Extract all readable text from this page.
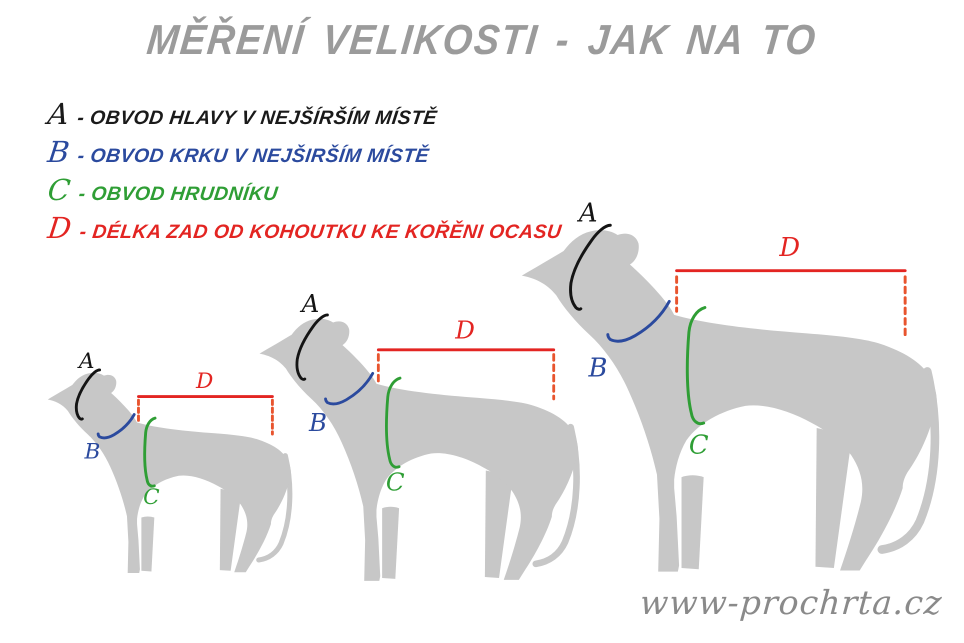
MĚŘENÍ VELIKOSTI - JAK NA TO
A - OBVOD HLAVY V NEJŠÍRŠÍM MÍSTĚ
B - OBVOD KRKU V NEJŠIRŠÍM MÍSTĚ
C - OBVOD HRUDNÍKU
D - DÉLKA ZAD OD KOHOUTKU KE KOŘĚNI OCASU
A
B
C
D
A
B
C
D
A
B
C
D
www-prochrta.cz
